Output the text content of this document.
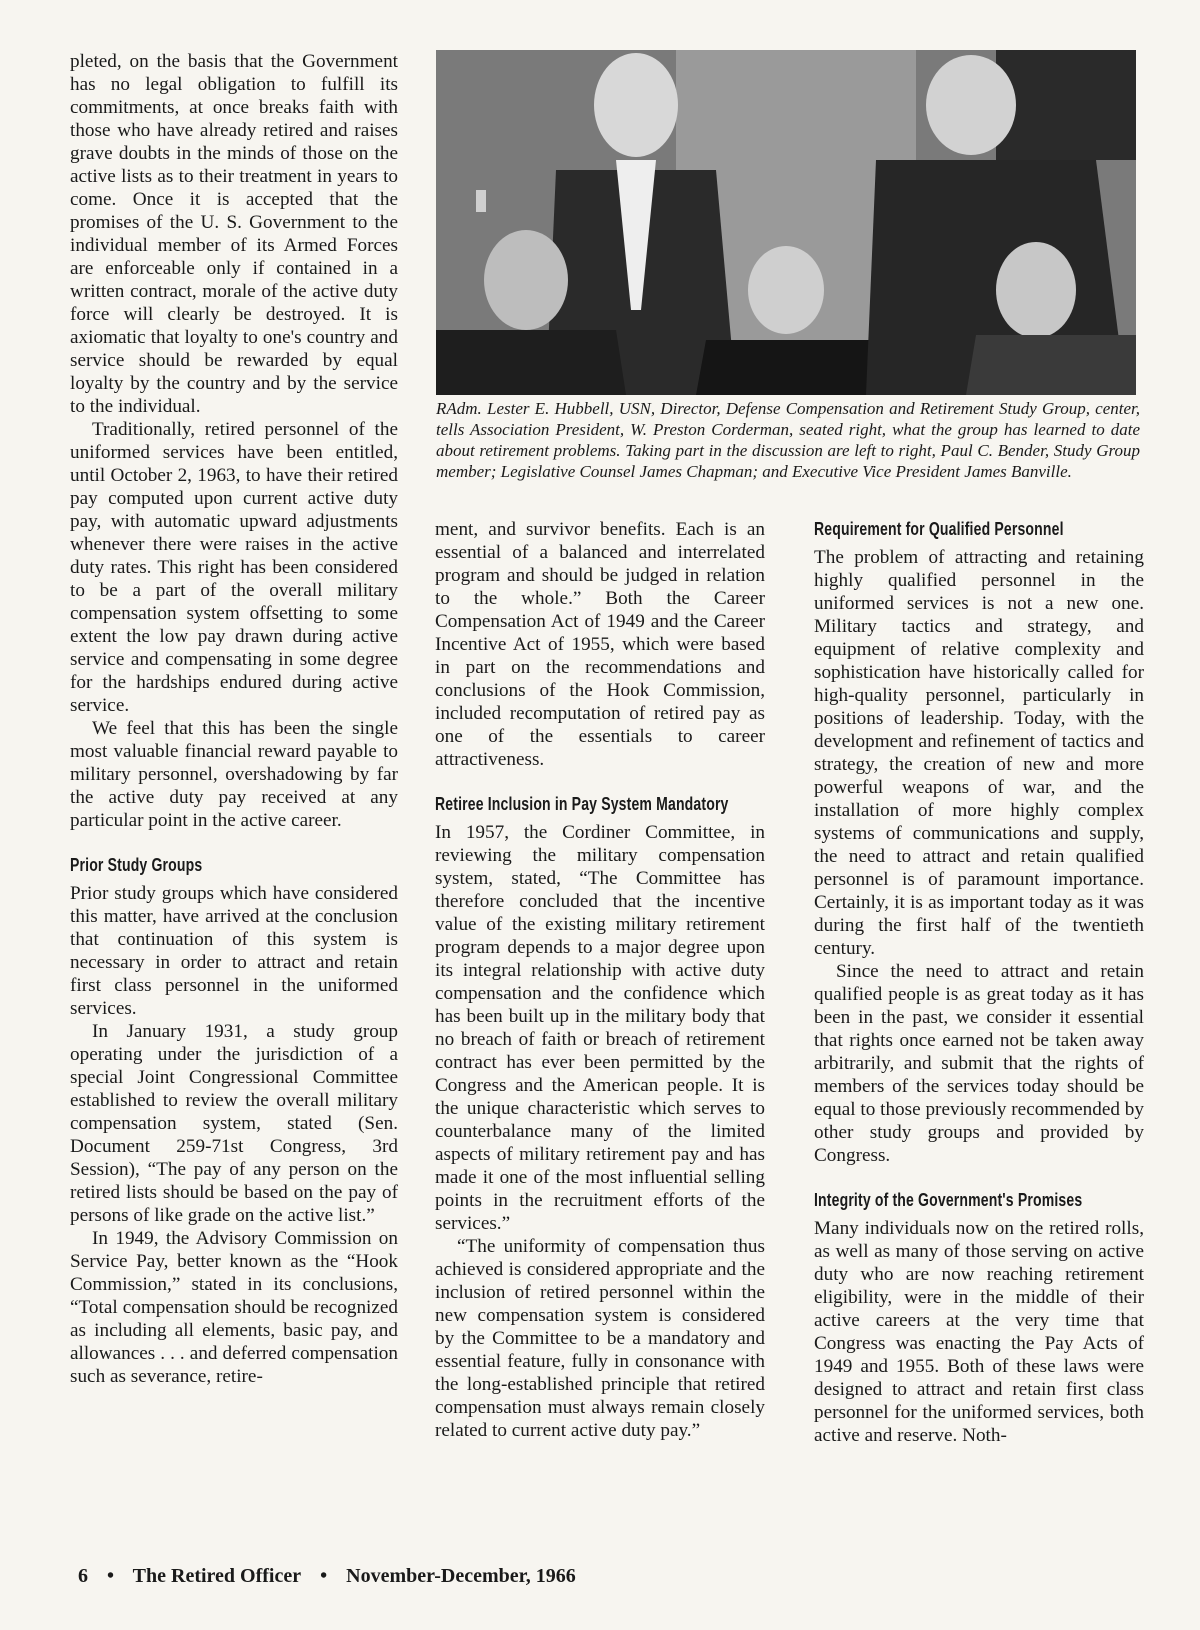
pleted, on the basis that the Government has no legal obligation to fulfill its commitments, at once breaks faith with those who have already retired and raises grave doubts in the minds of those on the active lists as to their treatment in years to come. Once it is accepted that the promises of the U. S. Government to the individual member of its Armed Forces are enforceable only if contained in a written contract, morale of the active duty force will clearly be destroyed. It is axiomatic that loyalty to one's country and service should be rewarded by equal loyalty by the country and by the service to the individual.

Traditionally, retired personnel of the uniformed services have been entitled, until October 2, 1963, to have their retired pay computed upon current active duty pay, with automatic upward adjustments whenever there were raises in the active duty rates. This right has been considered to be a part of the overall military compensation system offsetting to some extent the low pay drawn during active service and compensating in some degree for the hardships endured during active service.

We feel that this has been the single most valuable financial reward payable to military personnel, overshadowing by far the active duty pay received at any particular point in the active career.

Prior Study Groups

Prior study groups which have considered this matter, have arrived at the conclusion that continuation of this system is necessary in order to attract and retain first class personnel in the uniformed services.

In January 1931, a study group operating under the jurisdiction of a special Joint Congressional Committee established to review the overall military compensation system, stated (Sen. Document 259-71st Congress, 3rd Session), “The pay of any person on the retired lists should be based on the pay of persons of like grade on the active list.”

In 1949, the Advisory Commission on Service Pay, better known as the “Hook Commission,” stated in its conclusions, “Total compensation should be recognized as including all elements, basic pay, and allowances . . . and deferred compensation such as severance, retire-

RAdm. Lester E. Hubbell, USN, Director, Defense Compensation and Retirement Study Group, center, tells Association President, W. Preston Corderman, seated right, what the group has learned to date about retirement problems. Taking part in the discussion are left to right, Paul C. Bender, Study Group member; Legislative Counsel James Chapman; and Executive Vice President James Banville.

ment, and survivor benefits. Each is an essential of a balanced and interrelated program and should be judged in relation to the whole.” Both the Career Compensation Act of 1949 and the Career Incentive Act of 1955, which were based in part on the recommendations and conclusions of the Hook Commission, included recomputation of retired pay as one of the essentials to career attractiveness.

Retiree Inclusion in Pay System Mandatory

In 1957, the Cordiner Committee, in reviewing the military compensation system, stated, “The Committee has therefore concluded that the incentive value of the existing military retirement program depends to a major degree upon its integral relationship with active duty compensation and the confidence which has been built up in the military body that no breach of faith or breach of retirement contract has ever been permitted by the Congress and the American people. It is the unique characteristic which serves to counterbalance many of the limited aspects of military retirement pay and has made it one of the most influential selling points in the recruitment efforts of the services.”

“The uniformity of compensation thus achieved is considered appropriate and the inclusion of retired personnel within the new compensation system is considered by the Committee to be a mandatory and essential feature, fully in consonance with the long-established principle that retired compensation must always remain closely related to current active duty pay.”

Requirement for Qualified Personnel

The problem of attracting and retaining highly qualified personnel in the uniformed services is not a new one. Military tactics and strategy, and equipment of relative complexity and sophistication have historically called for high-quality personnel, particularly in positions of leadership. Today, with the development and refinement of tactics and strategy, the creation of new and more powerful weapons of war, and the installation of more highly complex systems of communications and supply, the need to attract and retain qualified personnel is of paramount importance. Certainly, it is as important today as it was during the first half of the twentieth century.

Since the need to attract and retain qualified people is as great today as it has been in the past, we consider it essential that rights once earned not be taken away arbitrarily, and submit that the rights of members of the services today should be equal to those previously recommended by other study groups and provided by Congress.

Integrity of the Government's Promises

Many individuals now on the retired rolls, as well as many of those serving on active duty who are now reaching retirement eligibility, were in the middle of their active careers at the very time that Congress was enacting the Pay Acts of 1949 and 1955. Both of these laws were designed to attract and retain first class personnel for the uniformed services, both active and reserve. Noth-

6 • The Retired Officer • November-December, 1966
